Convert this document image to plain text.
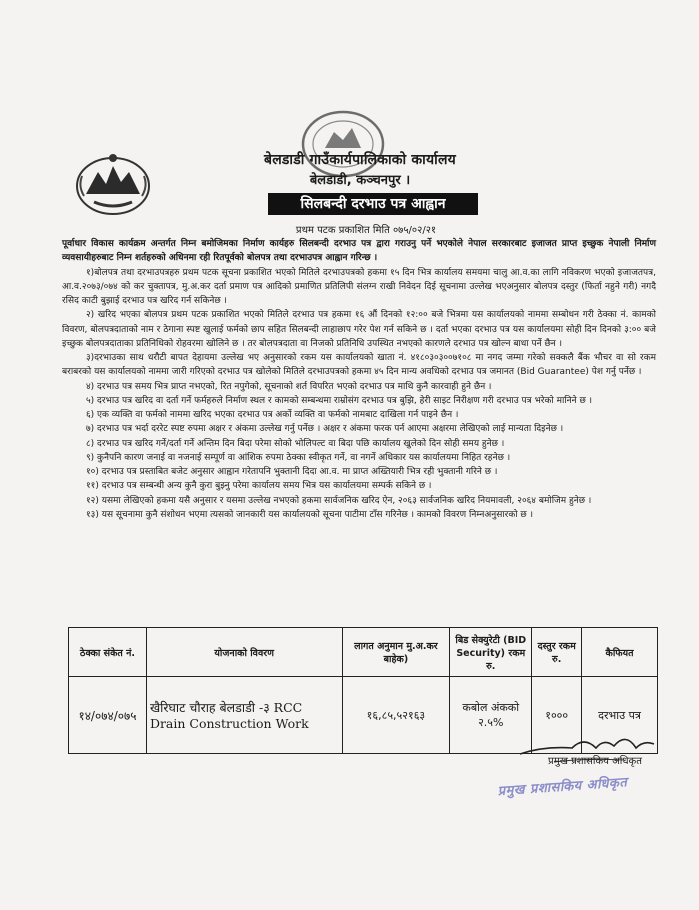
बेलडाडी गाउँकार्यपालिकाको कार्यालय
बेलडाडी, कञ्चनपुर ।
सिलबन्दी दरभाउ पत्र आह्वान
प्रथम पटक प्रकाशित मिति ०७५/०२/२१

पूर्वाधार विकास कार्यक्रम अन्तर्गत निम्न बमोजिमका निर्माण कार्यहरु सिलबन्दी दरभाउ पत्र द्वारा गराउनु पर्ने भएकोले नेपाल सरकारबाट इजाजत प्राप्त इच्छुक नेपाली निर्माण व्यवसायीहरुबाट निम्न शर्तहरुको अधिनमा रही रितपूर्वको बोलपत्र तथा दरभाउपत्र आह्वान गरिन्छ ।

१)बोलपत्र तथा दरभाउपत्रहरु प्रथम पटक सूचना प्रकाशित भएको मितिले दरभाउपत्रको हकमा १५ दिन भित्र कार्यालय समयमा चालु आ.व.का लागि नविकरण भएको इजाजतपत्र, आ.व.२०७३/०७४ को कर चुक्तापत्र, मु.अ.कर दर्ता प्रमाण पत्र आदिको प्रमाणित प्रतिलिपी संलग्न राखी निवेदन दिई सूचनामा उल्लेख भएअनुसार बोलपत्र दस्तुर (फिर्ता नहुने गरी) नगदै रसिद काटी बुझाई दरभाउ पत्र खरिद गर्न सकिनेछ ।

२) खरिद भएका बोलपत्र प्रथम पटक प्रकाशित भएको मितिले दरभाउ पत्र हकमा १६ औं दिनको १२:०० बजे भित्रमा यस कार्यालयको नाममा सम्बोधन गरी ठेक्का नं. कामको विवरण, बोलपत्रदाताको नाम र ठेगाना स्पष्ट खुलाई फर्मको छाप सहित सिलबन्दी लाहाछाप गरेर पेश गर्न सकिने छ । दर्ता भएका दरभाउ पत्र यस कार्यालयमा सोही दिन दिनको ३:०० बजे इच्छुक बोलपत्रदाताका प्रतिनिधिको रोहवरमा खोलिने छ । तर बोलपत्रदाता वा निजको प्रतिनिधि उपस्थित नभएको कारणले दरभाउ पत्र खोल्न बाधा पर्ने छैन ।

३)दरभाउका साथ धरौटी बापत देहायमा उल्लेख भए अनुसारको रकम यस कार्यालयको खाता नं. ४१८०३०३००७१०८ मा नगद जम्मा गरेको सक्कलै बैंक भौचर वा सो रकम बराबरको यस कार्यालयको नाममा जारी गरिएको दरभाउ पत्र खोलेको मितिले दरभाउपत्रको हकमा ४५ दिन मान्य अवधिको दरभाउ पत्र जमानत (Bid Guarantee) पेश गर्नु पर्नेछ ।

४) दरभाउ पत्र समय भित्र प्राप्त नभएको, रित नपुगेको, सूचनाको शर्त विपरित भएको दरभाउ पत्र माथि कुनै कारवाही हुने छैन ।

५) दरभाउ पत्र खरिद वा दर्ता गर्ने फर्महरुले निर्माण स्थल र कामको सम्बन्धमा राम्रोसंग दरभाउ पत्र बुझि, हेरी साइट निरीक्षण गरी दरभाउ पत्र भरेको मानिने छ ।

६) एक व्यक्ति वा फर्मको नाममा खरिद भएका दरभाउ पत्र अर्को व्यक्ति वा फर्मको नामबाट दाखिला गर्न पाइने छैन ।

७) दरभाउ पत्र भर्दा दररेट स्पष्ट रुपमा अक्षर र अंकमा उल्लेख गर्नु पर्नेछ । अक्षर र अंकमा फरक पर्न आएमा अक्षरमा लेखिएको लाई मान्यता दिइनेछ ।

८) दरभाउ पत्र खरिद गर्ने/दर्ता गर्ने अन्तिम दिन बिदा परेमा सोको भोलिपल्ट वा बिदा पछि कार्यालय खुलेको दिन सोही समय हुनेछ ।

९) कुनैपनि कारण जनाई वा नजनाई सम्पूर्ण वा आंशिक रुपमा ठेक्का स्वीकृत गर्ने, वा नगर्ने अधिकार यस कार्यालयमा निहित रहनेछ ।

१०) दरभाउ पत्र प्रस्ताबित बजेट अनुसार आह्वान गरेतापनि भुक्तानी दिदा आ.व. मा प्राप्त अख्तियारी भित्र रही भुक्तानी गरिने छ ।

११) दरभाउ पत्र सम्बन्धी अन्य कुनै कुरा बुझ्नु परेमा कार्यालय समय भित्र यस कार्यालयमा सम्पर्क सकिने छ ।

१२) यसमा लेखिएको हकमा यसै अनुसार र यसमा उल्लेख नभएको हकमा सार्वजनिक खरिद ऐन, २०६३ सार्वजनिक खरिद नियमावली, २०६४ बमोजिम हुनेछ ।

१३) यस सूचनामा कुनै संशोधन भएमा त्यसको जानकारी यस कार्यालयको सूचना पाटीमा टाँस गरिनेछ । कामको विवरण निम्नअनुसारको छ ।

ठेक्का संकेत नं.	योजनाको विवरण	लागत अनुमान मु.अ.कर बाहेक)	बिड सेक्युरेटी (BID Security) रकम रु.	दस्तुर रकम रु.	कैफियत
१४/०७४/०७५	खैरिघाट चौराह बेलडाडी -३ RCC
Drain Construction Work	१६,८५,५२१६३	कबोल अंकको २.५%	१०००	दरभाउ पत्र
प्रमुख प्रशासकिय अधिकृत
प्रमुख प्रशासकिय अधिकृत
